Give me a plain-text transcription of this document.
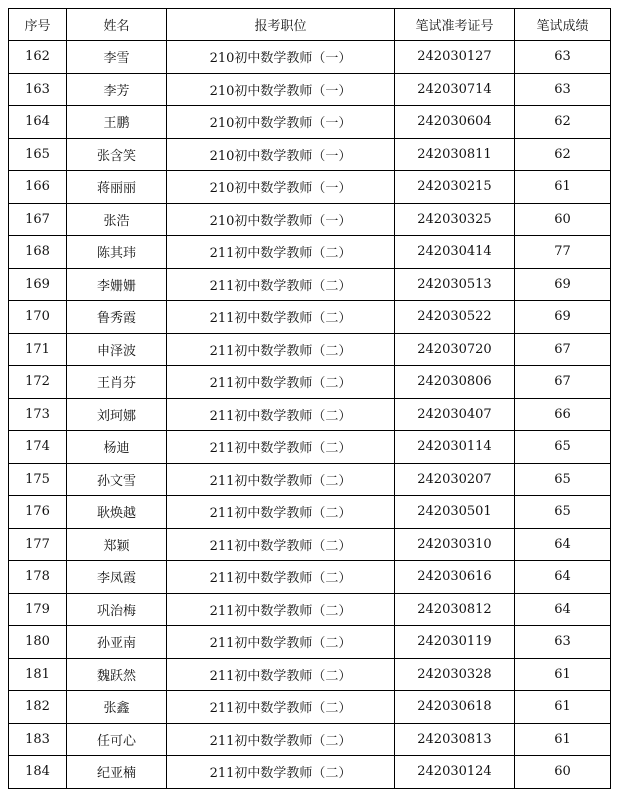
序号	姓名	报考职位	笔试准考证号	笔试成绩
162	李雪	210初中数学教师（一）	242030127	63
163	李芳	210初中数学教师（一）	242030714	63
164	王鹏	210初中数学教师（一）	242030604	62
165	张含笑	210初中数学教师（一）	242030811	62
166	蒋丽丽	210初中数学教师（一）	242030215	61
167	张浩	210初中数学教师（一）	242030325	60
168	陈其玮	211初中数学教师（二）	242030414	77
169	李姗姗	211初中数学教师（二）	242030513	69
170	鲁秀霞	211初中数学教师（二）	242030522	69
171	申泽波	211初中数学教师（二）	242030720	67
172	王肖芬	211初中数学教师（二）	242030806	67
173	刘珂娜	211初中数学教师（二）	242030407	66
174	杨迪	211初中数学教师（二）	242030114	65
175	孙文雪	211初中数学教师（二）	242030207	65
176	耿焕越	211初中数学教师（二）	242030501	65
177	郑颖	211初中数学教师（二）	242030310	64
178	李凤霞	211初中数学教师（二）	242030616	64
179	巩治梅	211初中数学教师（二）	242030812	64
180	孙亚南	211初中数学教师（二）	242030119	63
181	魏跃然	211初中数学教师（二）	242030328	61
182	张鑫	211初中数学教师（二）	242030618	61
183	任可心	211初中数学教师（二）	242030813	61
184	纪亚楠	211初中数学教师（二）	242030124	60
